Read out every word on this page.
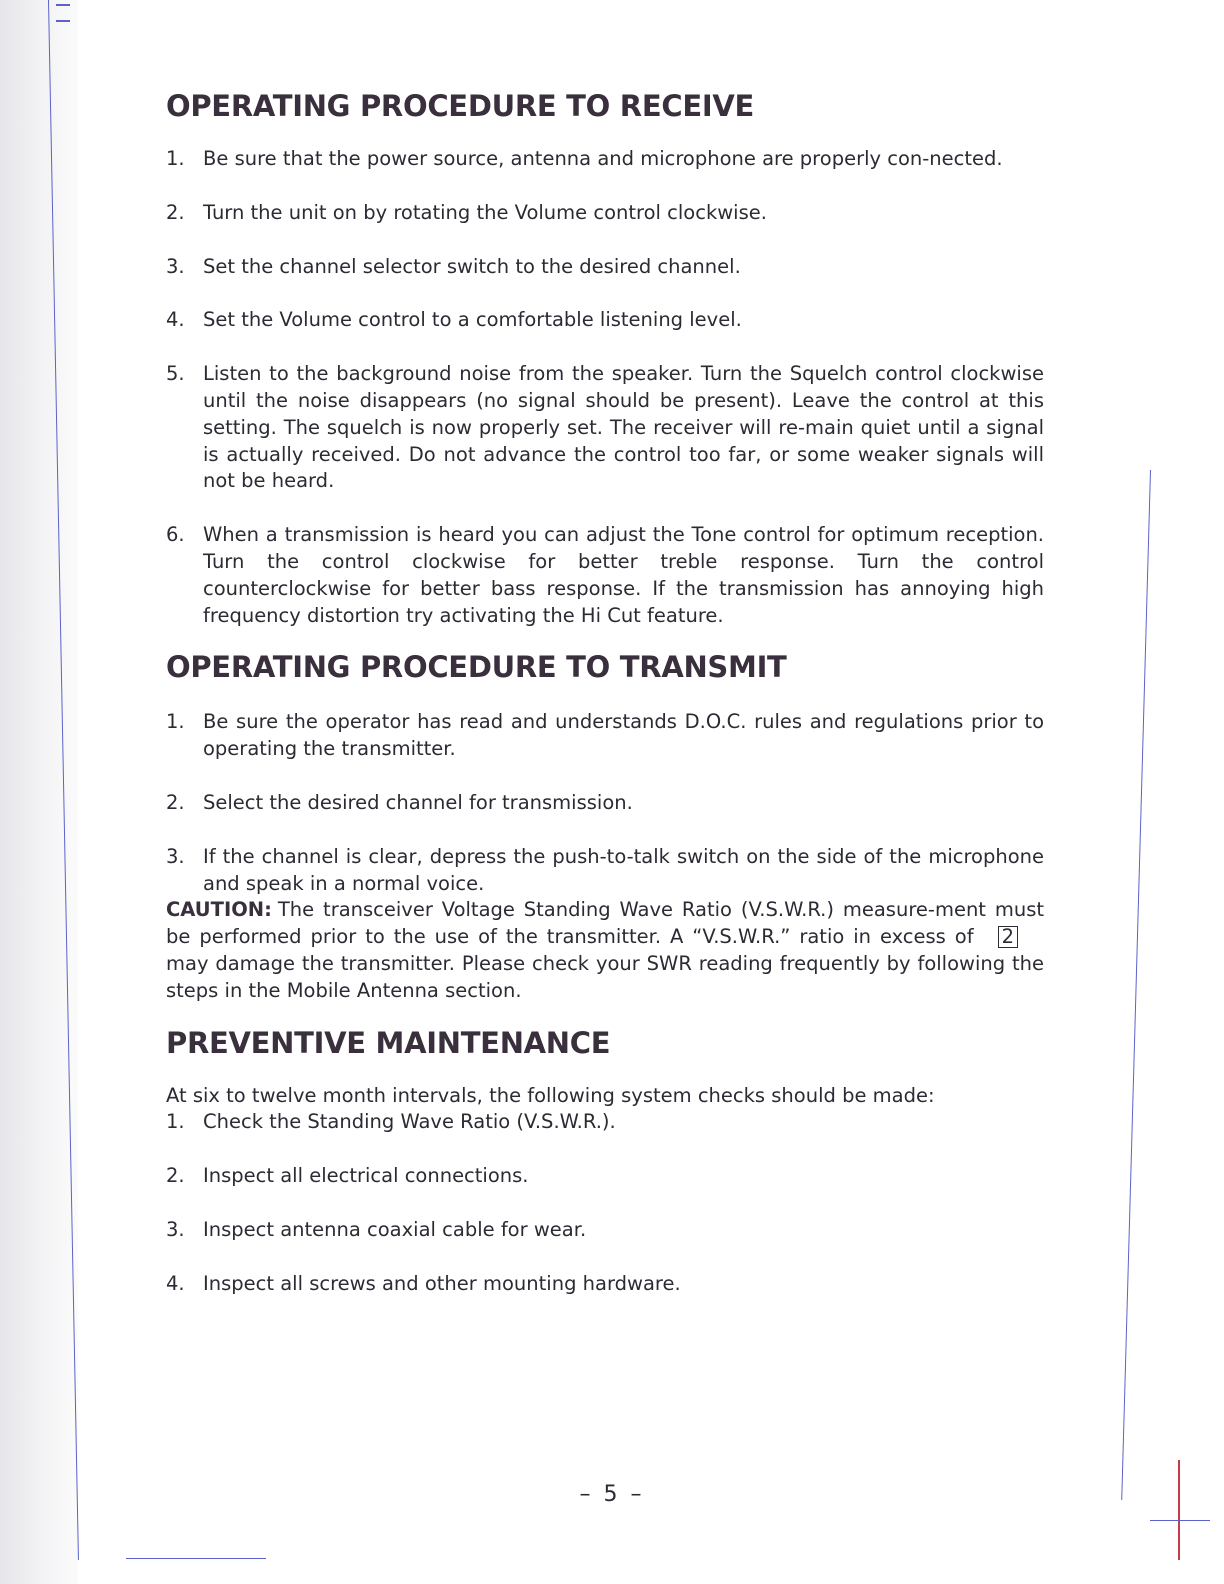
OPERATING PROCEDURE TO RECEIVE
1. Be sure that the power source, antenna and microphone are properly con-nected.
2. Turn the unit on by rotating the Volume control clockwise.
3. Set the channel selector switch to the desired channel.
4. Set the Volume control to a comfortable listening level.
5. Listen to the background noise from the speaker. Turn the Squelch control clockwise until the noise disappears (no signal should be present). Leave the control at this setting. The squelch is now properly set. The receiver will re-main quiet until a signal is actually received. Do not advance the control too far, or some weaker signals will not be heard.
6. When a transmission is heard you can adjust the Tone control for optimum reception. Turn the control clockwise for better treble response. Turn the control counterclockwise for better bass response. If the transmission has annoying high frequency distortion try activating the Hi Cut feature.
OPERATING PROCEDURE TO TRANSMIT
1. Be sure the operator has read and understands D.O.C. rules and regulations prior to operating the transmitter.
2. Select the desired channel for transmission.
3. If the channel is clear, depress the push-to-talk switch on the side of the microphone and speak in a normal voice.

CAUTION: The transceiver Voltage Standing Wave Ratio (V.S.W.R.) measure-ment must be performed prior to the use of the transmitter. A “V.S.W.R.” ratio in excess of 2may damage the transmitter. Please check your SWR reading frequently by following the steps in the Mobile Antenna section.

PREVENTIVE MAINTENANCE

At six to twelve month intervals, the following system checks should be made:

1. Check the Standing Wave Ratio (V.S.W.R.).
2. Inspect all electrical connections.
3. Inspect antenna coaxial cable for wear.
4. Inspect all screws and other mounting hardware.
– 5 –
